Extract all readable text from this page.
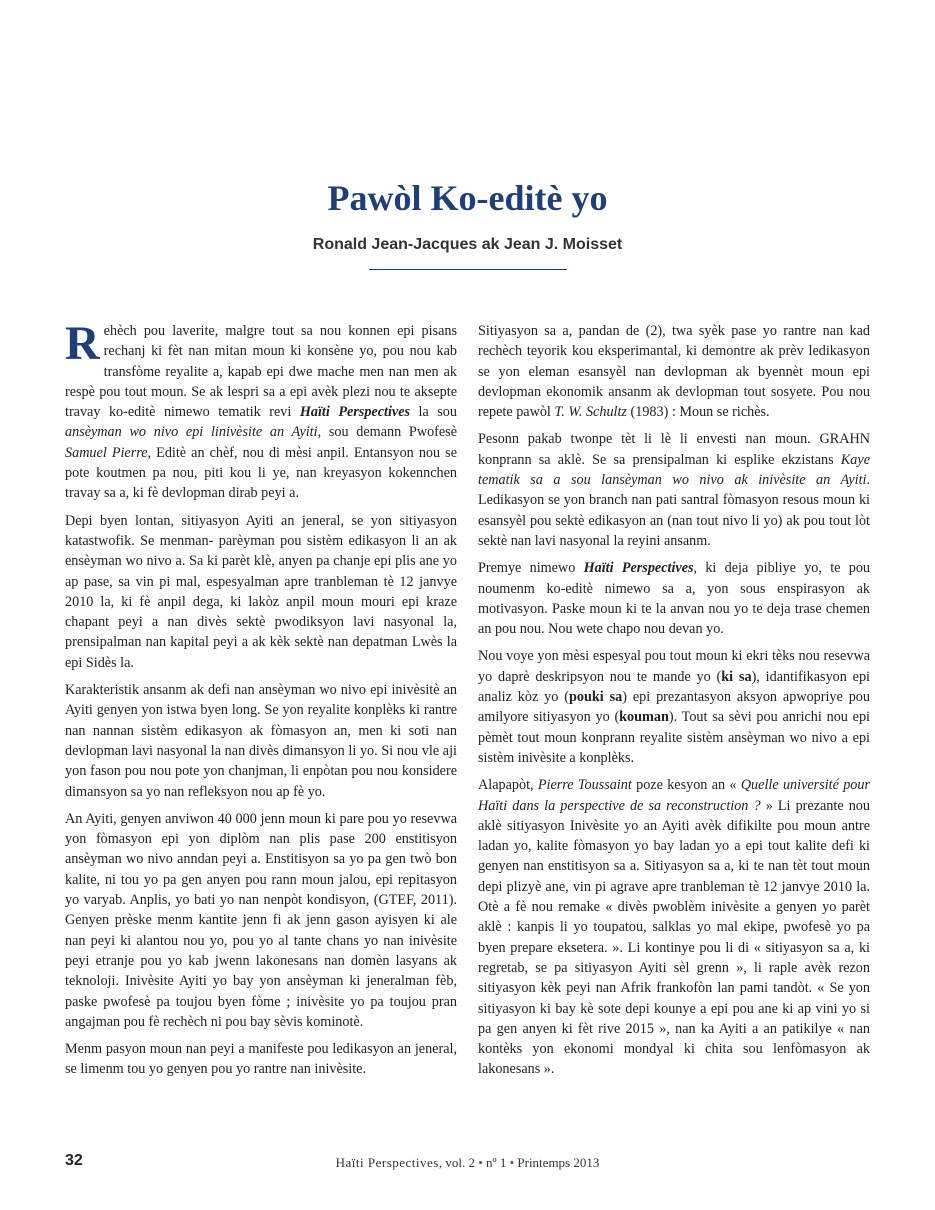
Pawòl Ko-editè yo
Ronald Jean-Jacques ak Jean J. Moisset

Rehèch pou laverite, malgre tout sa nou konnen epi pisans rechanj ki fèt nan mitan moun ki konsène yo, pou nou kab transfòme reyalite a, kapab epi dwe mache men nan men ak respè pou tout moun. Se ak lespri sa a epi avèk plezi nou te aksepte travay ko-editè nimewo tematik revi Haïti Perspectives la sou ansèyman wo nivo epi linivèsite an Ayiti, sou demann Pwofesè Samuel Pierre, Editè an chèf, nou di mèsi anpil. Entansyon nou se pote koutmen pa nou, piti kou li ye, nan kreyasyon kokennchen travay sa a, ki fè devlopman dirab peyi a.

Depi byen lontan, sitiyasyon Ayiti an jeneral, se yon sitiyasyon katastwofik. Se menman- parèyman pou sistèm edikasyon li an ak ensèyman wo nivo a. Sa ki parèt klè, anyen pa chanje epi plis ane yo ap pase, sa vin pi mal, espesyalman apre tranbleman tè 12 janvye 2010 la, ki fè anpil dega, ki lakòz anpil moun mouri epi kraze chapant peyi a nan divès sektè pwodiksyon lavi nasyonal la, prensipalman nan kapital peyi a ak kèk sektè nan depatman Lwès la epi Sidès la.

Karakteristik ansanm ak defi nan ansèyman wo nivo epi inivèsitè an Ayiti genyen yon istwa byen long. Se yon reyalite konplèks ki rantre nan nannan sistèm edikasyon ak fòmasyon an, men ki soti nan devlopman lavi nasyonal la nan divès dimansyon li yo. Si nou vle aji yon fason pou nou pote yon chanjman, li enpòtan pou nou konsidere dimansyon sa yo nan refleksyon nou ap fè yo.

An Ayiti, genyen anviwon 40 000 jenn moun ki pare pou yo resevwa yon fòmasyon epi yon diplòm nan plis pase 200 enstitisyon ansèyman wo nivo anndan peyi a. Enstitisyon sa yo pa gen twò bon kalite, ni tou yo pa gen anyen pou rann moun jalou, epi repitasyon yo varyab. Anplis, yo bati yo nan nenpòt kondisyon, (GTEF, 2011). Genyen prèske menm kantite jenn fi ak jenn gason ayisyen ki ale nan peyi ki alantou nou yo, pou yo al tante chans yo nan inivèsite peyi etranje pou yo kab jwenn lakonesans nan domèn lasyans ak teknoloji. Inivèsite Ayiti yo bay yon ansèyman ki jeneralman fèb, paske pwofesè pa toujou byen fòme ; inivèsite yo pa toujou pran angajman pou fè rechèch ni pou bay sèvis kominotè.

Menm pasyon moun nan peyi a manifeste pou ledikasyon an jeneral, se limenm tou yo genyen pou yo rantre nan inivèsite.

Sitiyasyon sa a, pandan de (2), twa syèk pase yo rantre nan kad rechèch teyorik kou eksperimantal, ki demontre ak prèv ledikasyon se yon eleman esansyèl nan devlopman ak byennèt moun epi devlopman ekonomik ansanm ak devlopman tout sosyete. Pou nou repete pawòl T. W. Schultz (1983) : Moun se richès.

Pesonn pakab twonpe tèt li lè li envesti nan moun. GRAHN konprann sa aklè. Se sa prensipalman ki esplike ekzistans Kaye tematik sa a sou lansèyman wo nivo ak inivèsite an Ayiti. Ledikasyon se yon branch nan pati santral fòmasyon resous moun ki esansyèl pou sektè edikasyon an (nan tout nivo li yo) ak pou tout lòt sektè nan lavi nasyonal la reyini ansanm.

Premye nimewo Haïti Perspectives, ki deja pibliye yo, te pou noumenm ko-editè nimewo sa a, yon sous enspirasyon ak motivasyon. Paske moun ki te la anvan nou yo te deja trase chemen an pou nou. Nou wete chapo nou devan yo.

Nou voye yon mèsi espesyal pou tout moun ki ekri tèks nou resevwa yo daprè deskripsyon nou te mande yo (ki sa), idantifikasyon epi analiz kòz yo (pouki sa) epi prezantasyon aksyon apwopriye pou amilyore sitiyasyon yo (kouman). Tout sa sèvi pou anrichi nou epi pèmèt tout moun konprann reyalite sistèm ansèyman wo nivo a epi sistèm inivèsite a konplèks.

Alapapòt, Pierre Toussaint poze kesyon an « Quelle université pour Haïti dans la perspective de sa reconstruction ? » Li prezante nou aklè sitiyasyon Inivèsite yo an Ayiti avèk difikilte pou moun antre ladan yo, kalite fòmasyon yo bay ladan yo a epi tout kalite defi ki genyen nan enstitisyon sa a. Sitiyasyon sa a, ki te nan tèt tout moun depi plizyè ane, vin pi agrave apre tranbleman tè 12 janvye 2010 la. Otè a fè nou remake « divès pwoblèm inivèsite a genyen yo parèt aklè : kanpis li yo toupatou, salklas yo mal ekipe, pwofesè yo pa byen prepare eksetera. ». Li kontinye pou li di « sitiyasyon sa a, ki regretab, se pa sitiyasyon Ayiti sèl grenn », li raple avèk rezon sitiyasyon kèk peyi nan Afrik frankofòn lan pami tandòt. « Se yon sitiyasyon ki bay kè sote depi kounye a epi pou ane ki ap vini yo si pa gen anyen ki fèt rive 2015 », nan ka Ayiti a an patikilye « nan kontèks yon ekonomi mondyal ki chita sou lenfòmasyon ak lakonesans ».

32	Haïti Perspectives, vol. 2 • nº 1 • Printemps 2013
